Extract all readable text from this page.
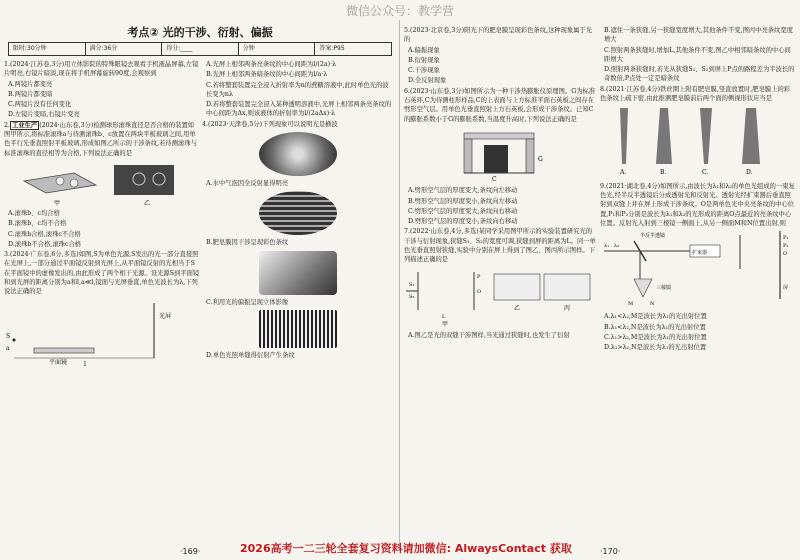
微信公众号：教学营
考点② 光的干涉、衍射、偏振
限时:30分钟	满分:36分	得分:____	分钟	答案:P95

1.(2024·江苏卷,3分)用立体影院的特殊眼镜去观看手机液晶屏幕,左镜片明亮,右镜片暗淡,现在将手机屏幕旋转90度,会观察到

A.两镜片都变亮

B.两镜片都变暗

C.两镜片没有任何变化

D.左镜片变暗,右镜片变亮

2. 工业生产 (2024·山东卷,3分)检测球形滚珠直径是否合格的装置如图甲所示,将标准滚珠a与待测滚珠b、c放置在两块平板玻璃之间,用单色平行光垂直照射平板玻璃,形成如图乙所示的干涉条纹,若待测滚珠与标准滚珠的直径相等为合格,下列说法正确的是

甲	乙

A.滚珠b、c均合格

B.滚珠b、c均不合格

C.滚珠b合格,滚珠c不合格

D.滚珠b不合格,滚珠c合格

3.(2024·广东卷,6分,多选)如图,S为单色光源,S发出的光一部分直接照在光屏上,一部分通过平面镜反射到光屏上,从平面镜反射的光相当于S在平面镜中的虚像发出的,由此形成了两个相干光源。设光源S到平面镜和到光屏的距离分别为a和l,a≪l,镜面与光屏垂直,单色光波长为λ,下列说法正确的是

光屏
平面镜
S
a
l

A.光屏上相邻两条亮条纹的中心间距为l/(2a)·λ

B.光屏上相邻两条暗条纹的中心间距为l/a·λ

C.若将整套装置完全浸入折射率为n的蔗糖溶液中,此时单色光的波长变为nλ

D.若将整套装置完全浸入某种透明溶液中,光屏上相邻两条亮条纹的中心间距为Δx,则该液体的折射率为l/(2aΔx)·λ

4.(2023·天津卷,5分)下列现象可以说明光是横波

A.水中气泡因全反射显得明亮

B.肥皂膜因干涉呈现彩色条纹

C.利用光的偏振呈现立体影像

D.单色光照单缝得衍射产生条纹

5.(2023·北京卷,3分)阳光下的肥皂膜呈现彩色条纹,这种现象属于光的

A.偏振现象

B.衍射现象

C.干涉现象

D.全反射现象

6.(2023·山东卷,3分)如图所示为一种干涉热膨胀仪原理图。G为标准石英环,C为待测柱形样品,C的上表面与上方标准平面石英板之间存在劈形空气层。用单色光垂直照射上方石英板,会形成干涉条纹。已知C的膨胀系数小于G的膨胀系数,当温度升高时,下列说法正确的是

C
G

A.劈形空气层的厚度变大,条纹向左移动

B.劈形空气层的厚度变小,条纹向左移动

C.劈形空气层的厚度变大,条纹向右移动

D.劈形空气层的厚度变小,条纹向右移动

7.(2022·山东卷,4分,多选)某同学采用图甲所示的实验装置研究光的干涉与衍射现象,狭缝S₁、S₂的宽度可调,狭缝到屏的距离为L。同一单色光垂直照射狭缝,实验中分别在屏上得到了图乙、图丙所示图样。下列描述正确的是

S₁
S₂
P
O
L
甲
乙	丙

A.图乙是光的双缝干涉图样,当光通过狭缝时,也发生了衍射

B.遮住一条狭缝,另一狭缝宽度增大,其他条件不变,图丙中亮条纹宽度增大

C.照射两条狭缝时,增加L,其他条件不变,图乙中相邻暗条纹的中心间距增大

D.照射两条狭缝时,若光从狭缝S₁、S₂到屏上P点的路程差为半波长的奇数倍,P点处一定是暗条纹

8.(2021·江苏卷,4分)铁丝圈上附有肥皂膜,竖直放置时,肥皂膜上的彩色条纹上疏下密,由此推测肥皂膜前后两个面的侧视形状应当是

A.	B.	C.	D.

9.(2021·湖北卷,4分)如图所示,由波长为λ₁和λ₂的单色光组成的一束复色光,经半反半透镜后分成透射光和反射光。透射光经扩束器后垂直照射到双缝上并在屏上形成干涉条纹。O是两单色光中央亮条纹的中心位置,P₁和P₂分别是波长为λ₁和λ₂的光形成的距离O点最近的亮条纹中心位置。反射光入射到三棱镜一侧面上,从另一侧面M和N位置出射,则

半反半透镜
扩束器
三棱镜
P₁
P₂
O
M	N
屏
λ₁ λ₂

A.λ₁<λ₂,M是波长为λ₁的光出射位置

B.λ₁<λ₂,N是波长为λ₁的光出射位置

C.λ₁>λ₂,M是波长为λ₁的光出射位置

D.λ₁>λ₂,N是波长为λ₁的光出射位置

·169·	2026高考一二三轮全套复习资料请加微信: AlwaysContact 获取	·170·
